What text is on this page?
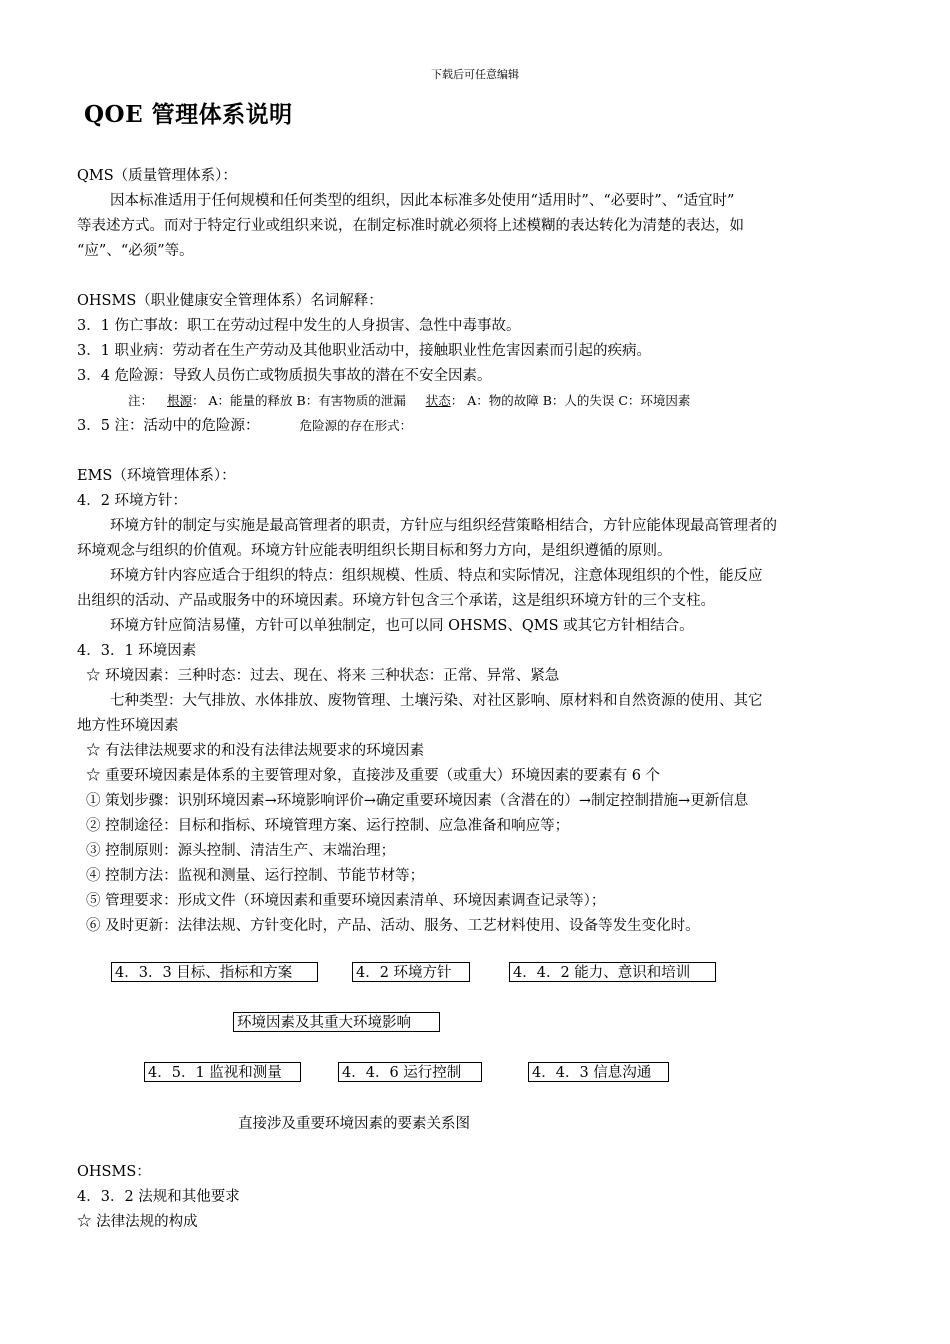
下载后可任意编辑
QOE 管理体系说明
QMS（质量管理体系）：
因本标准适用于任何规模和任何类型的组织，因此本标准多处使用“适用时”、“必要时”、“适宜时”
等表述方式。而对于特定行业或组织来说，在制定标准时就必须将上述模糊的表达转化为清楚的表达，如
“应”、“必须”等。
OHSMS（职业健康安全管理体系）名词解释：
3．1 伤亡事故：职工在劳动过程中发生的人身损害、急性中毒事故。
3．1 职业病：劳动者在生产劳动及其他职业活动中，接触职业性危害因素而引起的疾病。
3．4 危险源：导致人员伤亡或物质损失事故的潜在不安全因素。
注： 根源： A：能量的释放 B：有害物质的泄漏 状态： A：物的故障 B：人的失误 C：环境因素
3．5 注：活动中的危险源：	危险源的存在形式：
EMS（环境管理体系）：
4．2 环境方针：
环境方针的制定与实施是最高管理者的职责，方针应与组织经营策略相结合，方针应能体现最高管理者的
环境观念与组织的价值观。环境方针应能表明组织长期目标和努力方向，是组织遵循的原则。
环境方针内容应适合于组织的特点：组织规模、性质、特点和实际情况，注意体现组织的个性，能反应
出组织的活动、产品或服务中的环境因素。环境方针包含三个承诺，这是组织环境方针的三个支柱。
环境方针应简洁易懂，方针可以单独制定，也可以同 OHSMS、QMS 或其它方针相结合。
4．3．1 环境因素
☆ 环境因素：三种时态：过去、现在、将来 三种状态：正常、异常、紧急
七种类型：大气排放、水体排放、废物管理、土壤污染、对社区影响、原材料和自然资源的使用、其它
地方性环境因素
☆ 有法律法规要求的和没有法律法规要求的环境因素
☆ 重要环境因素是体系的主要管理对象，直接涉及重要（或重大）环境因素的要素有 6 个
① 策划步骤：识别环境因素→环境影响评价→确定重要环境因素（含潜在的）→制定控制措施→更新信息
② 控制途径：目标和指标、环境管理方案、运行控制、应急准备和响应等；
③ 控制原则：源头控制、清洁生产、末端治理；
④ 控制方法：监视和测量、运行控制、节能节材等；
⑤ 管理要求：形成文件（环境因素和重要环境因素清单、环境因素调查记录等）；
⑥ 及时更新：法律法规、方针变化时，产品、活动、服务、工艺材料使用、设备等发生变化时。
4．3．3 目标、指标和方案	4．2 环境方针	4．4．2 能力、意识和培训
环境因素及其重大环境影响
4．5．1 监视和测量	4．4．6 运行控制	4．4．3 信息沟通
直接涉及重要环境因素的要素关系图
OHSMS：
4．3．2 法规和其他要求
☆ 法律法规的构成
